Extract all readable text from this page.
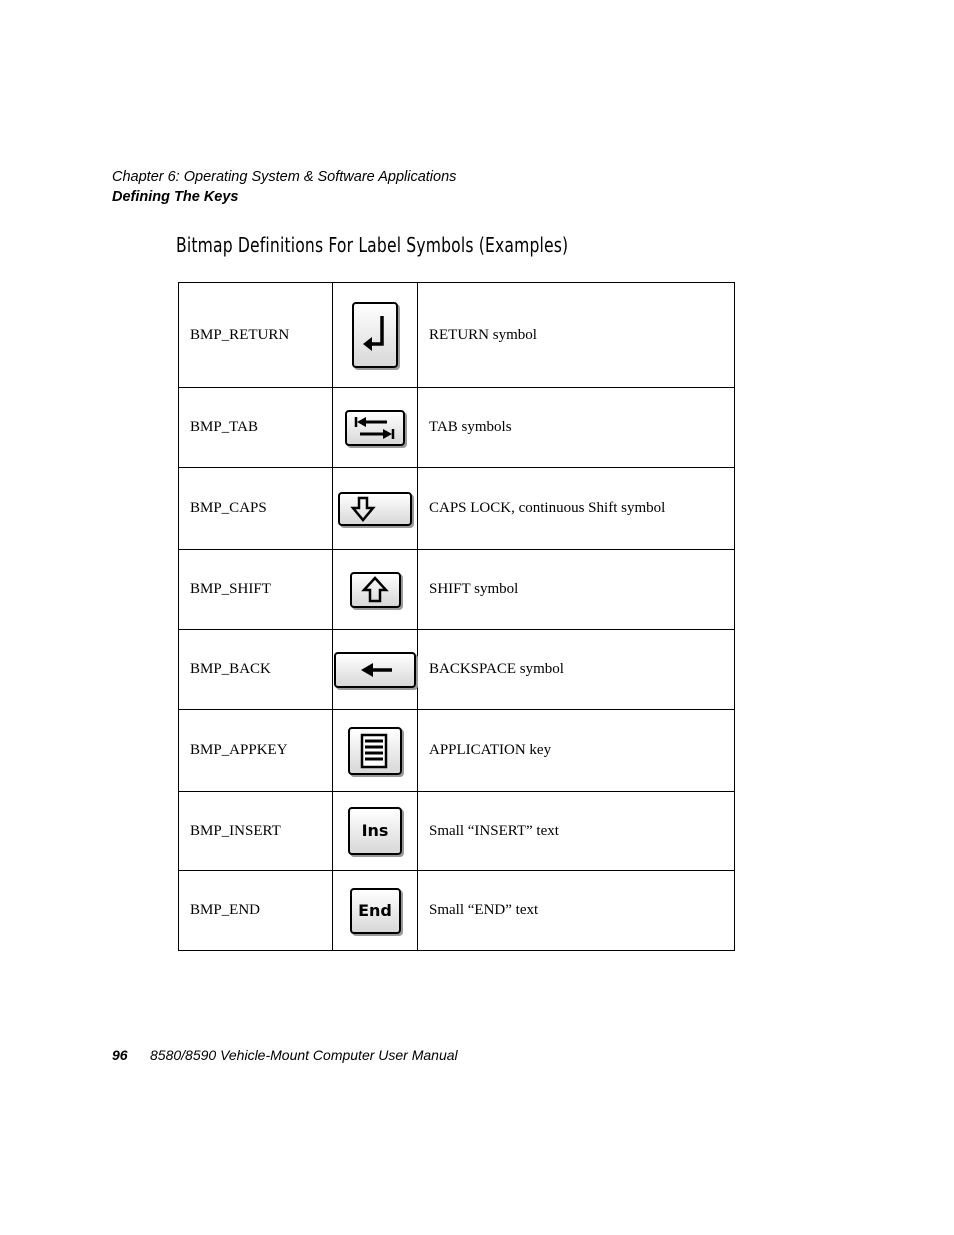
Chapter 6: Operating System & Software Applications
Defining The Keys
Bitmap Definitions For Label Symbols (Examples)
BMP_RETURN		RETURN symbol
BMP_TAB		TAB symbols
BMP_CAPS		CAPS LOCK, continuous Shift symbol
BMP_SHIFT		SHIFT symbol
BMP_BACK		BACKSPACE symbol
BMP_APPKEY		APPLICATION key
BMP_INSERT	Ins	Small “INSERT” text
BMP_END	End	Small “END” text
96 8580/8590 Vehicle-Mount Computer User Manual
